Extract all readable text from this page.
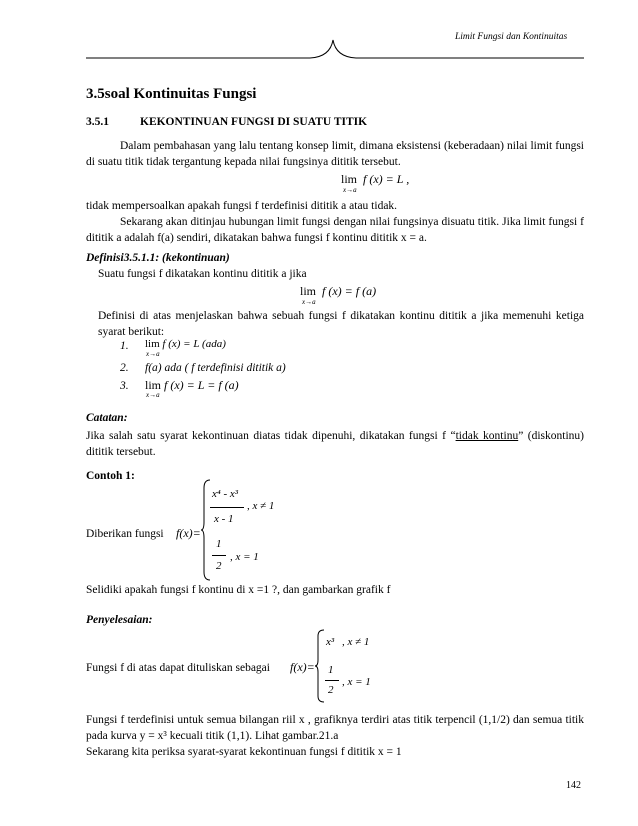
Limit Fungsi dan Kontinuitas
3.5soal Kontinuitas Fungsi
3.5.1	KEKONTINUAN FUNGSI DI SUATU TITIK
Dalam pembahasan yang lalu tentang konsep limit, dimana eksistensi (keberadaan) nilai limit fungsi di suatu titik tidak tergantung kepada nilai fungsinya dititik tersebut.
lim f (x) = L ,
x→a
tidak mempersoalkan apakah fungsi f terdefinisi dititik a atau tidak.
Sekarang akan ditinjau hubungan limit fungsi dengan nilai fungsinya disuatu titik. Jika limit fungsi f dititik a adalah f(a) sendiri, dikatakan bahwa fungsi f kontinu dititik x = a.
Definisi3.5.1.1: (kekontinuan)
Suatu fungsi f dikatakan kontinu dititik a jika
lim f (x) = f (a)
x→a
Definisi di atas menjelaskan bahwa sebuah fungsi f dikatakan kontinu dititik a jika memenuhi ketiga syarat berikut:
1. lim f (x) = L (ada)
x→a
2. f(a) ada ( f terdefinisi dititik a)
3. lim f (x) = L = f (a)
x→a
Catatan:
Jika salah satu syarat kekontinuan diatas tidak dipenuhi, dikatakan fungsi f “tidak kontinu” (diskontinu) dititik tersebut.
Contoh 1:
Diberikan fungsi f(x)=
x⁴ - x³
x - 1
, x ≠ 1
1
2
, x = 1
Selidiki apakah fungsi f kontinu di x =1 ?, dan gambarkan grafik f
Penyelesaian:
Fungsi f di atas dapat dituliskan sebagai f(x)=
x³ , x ≠ 1
1
2
, x = 1
Fungsi f terdefinisi untuk semua bilangan riil x , grafiknya terdiri atas titik terpencil (1,1/2) dan semua titik pada kurva y = x³ kecuali titik (1,1). Lihat gambar.21.a
Sekarang kita periksa syarat-syarat kekontinuan fungsi f dititik x = 1
142
